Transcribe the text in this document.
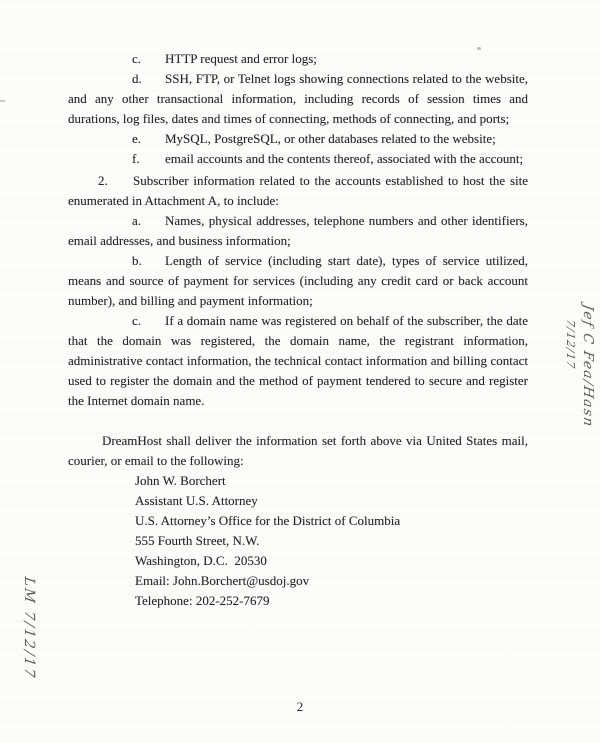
c. HTTP request and error logs;

d. SSH, FTP, or Telnet logs showing connections related to the website, and any other transactional information, including records of session times and durations, log files, dates and times of connecting, methods of connecting, and ports;

e. MySQL, PostgreSQL, or other databases related to the website;

f. email accounts and the contents thereof, associated with the account;

2. Subscriber information related to the accounts established to host the site enumerated in Attachment A, to include:

a. Names, physical addresses, telephone numbers and other identifiers, email addresses, and business information;

b. Length of service (including start date), types of service utilized, means and source of payment for services (including any credit card or back account number), and billing and payment information;

c. If a domain name was registered on behalf of the subscriber, the date that the domain was registered, the domain name, the registrant information, administrative contact information, the technical contact information and billing contact used to register the domain and the method of payment tendered to secure and register the Internet domain name.

DreamHost shall deliver the information set forth above via United States mail, courier, or email to the following:

John W. Borchert

Assistant U.S. Attorney

U.S. Attorney’s Office for the District of Columbia

555 Fourth Street, N.W.

Washington, D.C.  20530

Email: John.Borchert@usdoj.gov

Telephone: 202-252-7679

Jef C Fea/Hasn
7/12/17
LM 7/12/17
2
